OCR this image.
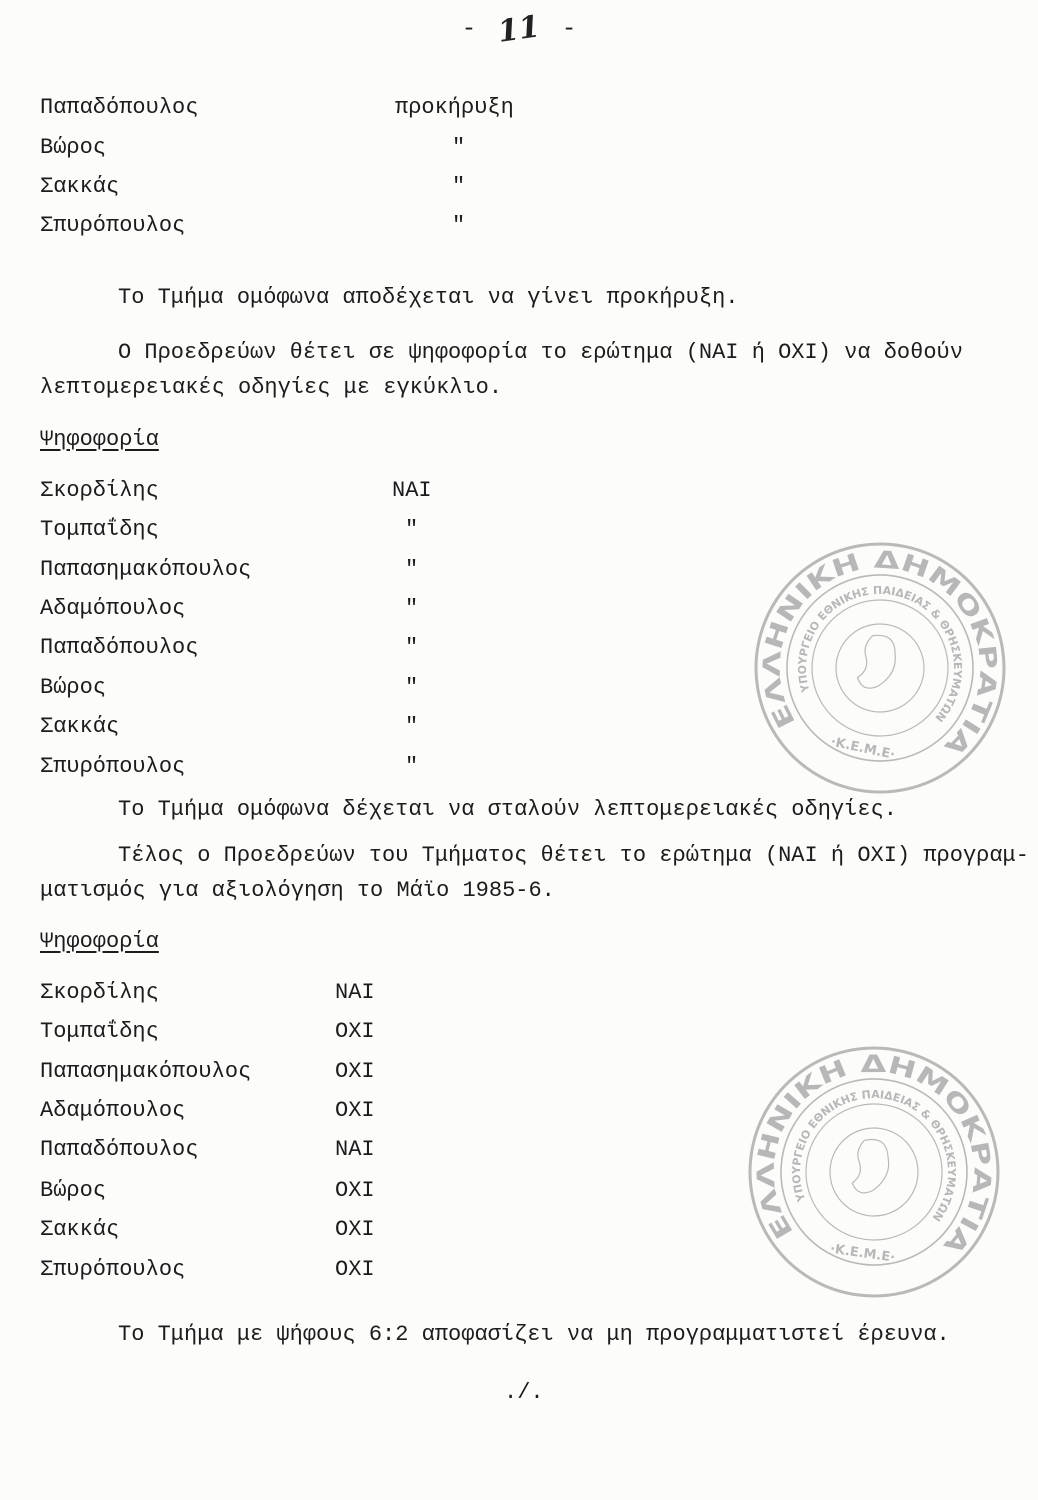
ΕΛΛΗΝΙΚΗ ΔΗΜΟΚΡΑΤΙΑ
ΥΠΟΥΡΓΕΙΟ ΕΘΝΙΚΗΣ ΠΑΙΔΕΙΑΣ & ΘΡΗΣΚΕΥΜΑΤΩΝ
·Κ.Ε.Μ.Ε·
ΕΛΛΗΝΙΚΗ ΔΗΜΟΚΡΑΤΙΑ
ΥΠΟΥΡΓΕΙΟ ΕΘΝΙΚΗΣ ΠΑΙΔΕΙΑΣ & ΘΡΗΣΚΕΥΜΑΤΩΝ
·Κ.Ε.Μ.Ε·
- 11 -
Παπαδόπουλος	προκήρυξη
Βώρος	"
Σακκάς	"
Σπυρόπουλος	"
Το Τμήμα ομόφωνα αποδέχεται να γίνει προκήρυξη.
Ο Προεδρεύων θέτει σε ψηφοφορία το ερώτημα (ΝΑΙ ή ΟΧΙ) να δοθούν
λεπτομερειακές οδηγίες με εγκύκλιο.
Ψηφοφορία
Σκορδίλης	ΝΑΙ
Τομπαΐδης	"
Παπασημακόπουλος	"
Αδαμόπουλος	"
Παπαδόπουλος	"
Βώρος	"
Σακκάς	"
Σπυρόπουλος	"
Το Τμήμα ομόφωνα δέχεται να σταλούν λεπτομερειακές οδηγίες.
Τέλος ο Προεδρεύων του Τμήματος θέτει το ερώτημα (ΝΑΙ ή ΟΧΙ) προγραμ-
ματισμός για αξιολόγηση το Μάϊο 1985-6.
Ψηφοφορία
Σκορδίλης	ΝΑΙ
Τομπαΐδης	ΟΧΙ
Παπασημακόπουλος	ΟΧΙ
Αδαμόπουλος	ΟΧΙ
Παπαδόπουλος	ΝΑΙ
Βώρος	ΟΧΙ
Σακκάς	ΟΧΙ
Σπυρόπουλος	ΟΧΙ
Το Τμήμα με ψήφους 6:2 αποφασίζει να μη προγραμματιστεί έρευνα.
./.
